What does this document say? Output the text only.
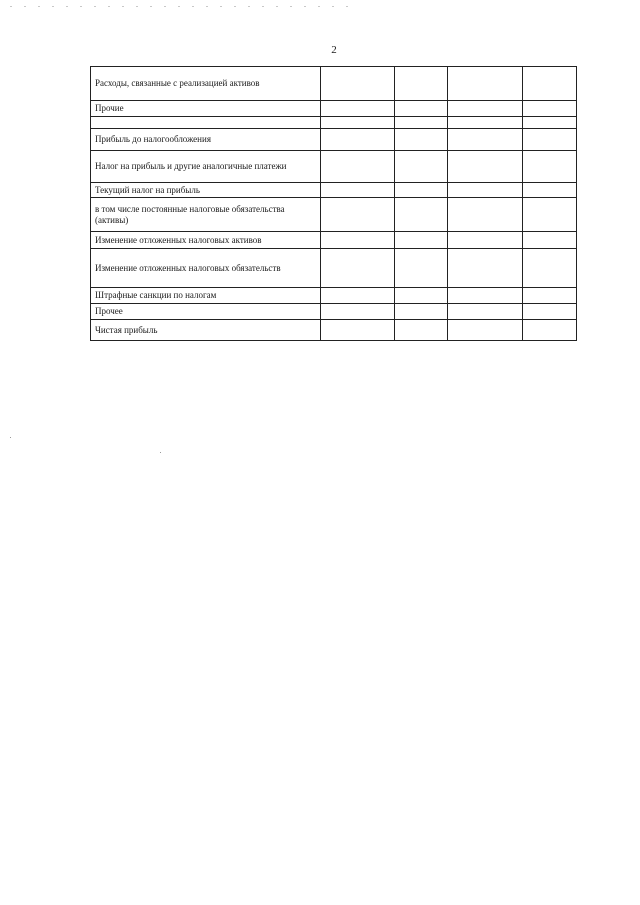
2
Расходы, связанные с реализацией активов				
Прочие				

Прибыль до налогообложения				
Налог на прибыль и другие аналогичные платежи				
Текущий налог на прибыль				
в том числе постоянные налоговые обязательства (активы)				
Изменение отложенных налоговых активов				
Изменение отложенных налоговых обязательств				
Штрафные санкции по налогам				
Прочее				
Чистая прибыль				
